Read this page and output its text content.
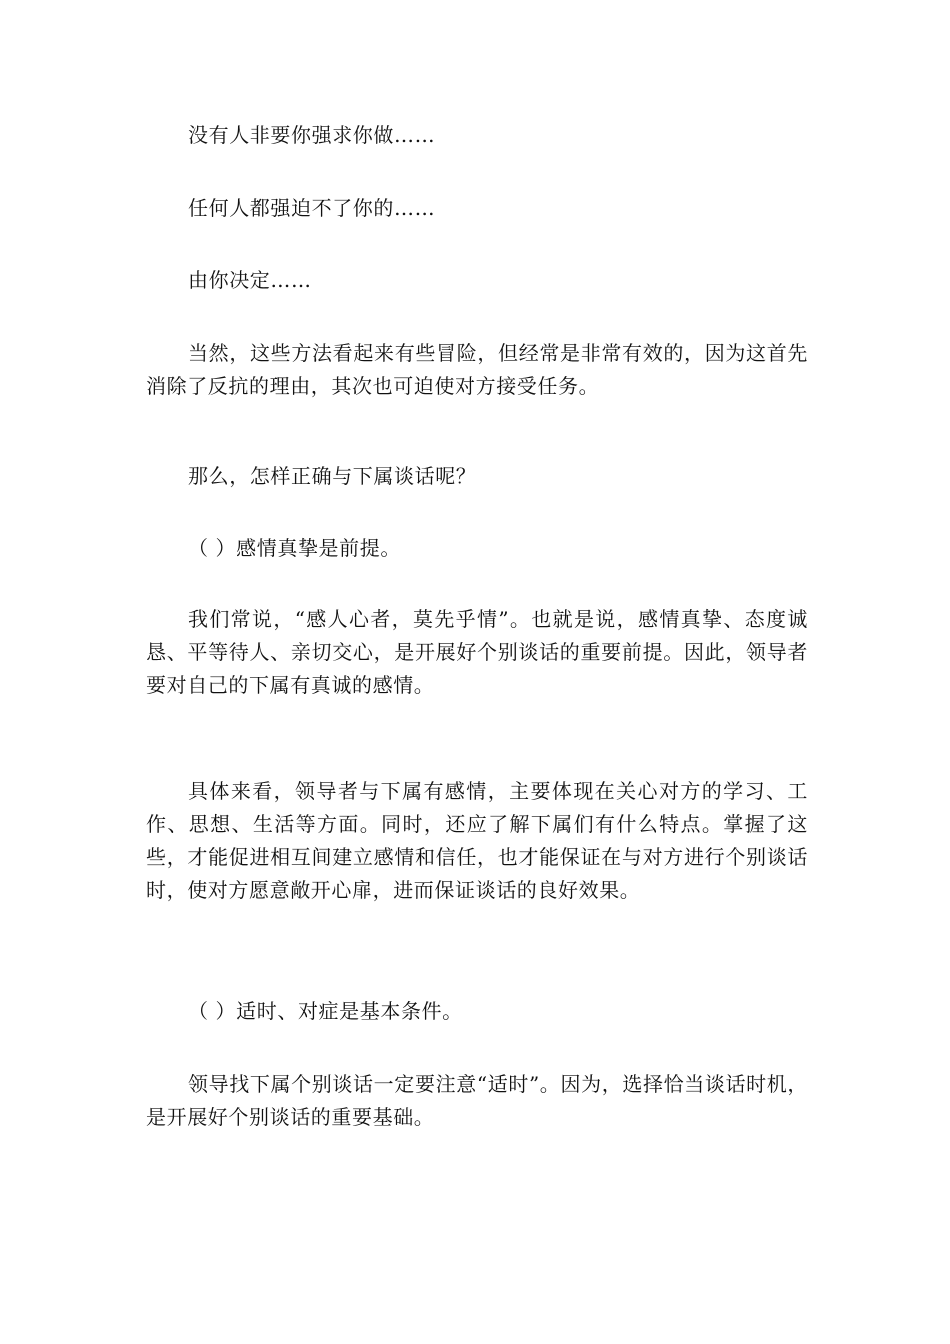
没有人非要你强求你做……

任何人都强迫不了你的……

由你决定……

当然，这些方法看起来有些冒险，但经常是非常有效的，因为这首先消除了反抗的理由，其次也可迫使对方接受任务。

那么，怎样正确与下属谈话呢？

（ ）感情真挚是前提。

我们常说，“感人心者，莫先乎情”。也就是说，感情真挚、态度诚恳、平等待人、亲切交心，是开展好个别谈话的重要前提。因此，领导者要对自己的下属有真诚的感情。

具体来看，领导者与下属有感情，主要体现在关心对方的学习、工作、思想、生活等方面。同时，还应了解下属们有什么特点。掌握了这些，才能促进相互间建立感情和信任，也才能保证在与对方进行个别谈话时，使对方愿意敞开心扉，进而保证谈话的良好效果。

（ ）适时、对症是基本条件。

领导找下属个别谈话一定要注意“适时”。因为，选择恰当谈话时机，是开展好个别谈话的重要基础。
